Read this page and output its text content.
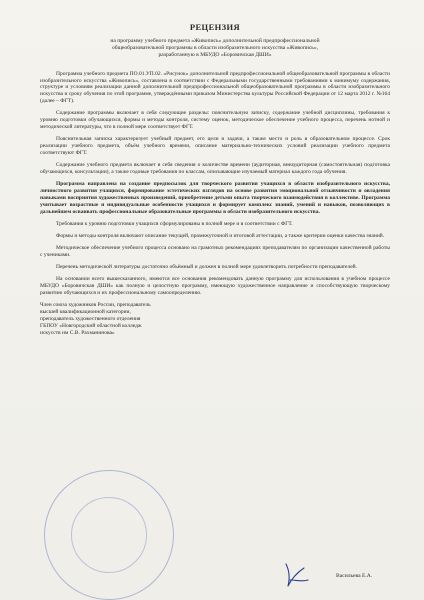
РЕЦЕНЗИЯ
на программу учебного предмета «Живопись» дополнительной предпрофессиональной
общеобразовательной программы в области изобразительного искусства «Живопись»,
разработанную в МБУДО «Боровичская ДШИ»

Программа учебного предмета ПО.01.УП.02. «Рисунок» дополнительной предпрофессиональной общеобразовательной программы в области изобразительного искусства «Живопись», составлена в соответствии с Федеральными государственными требованиями к минимуму содержания, структуре и условиям реализации данной дополнительной предпрофессиональной общеобразовательной программы в области изобразительного искусства и сроку обучения по этой программе, утверждёнными приказом Министерства культуры Российской Федерации от 12 марта 2012 г. №164 (далее – ФГТ).

Содержание программы включает в себя следующие разделы: пояснительную записку, содержание учебной дисциплины, требования к уровню подготовки обучающихся, формы и методы контроля, систему оценок, методическое обеспечение учебного процесса, перечень нотной и методической литературы, что в полной мере соответствует ФГТ.

Пояснительная записка характеризует учебный предмет, его цели и задачи, а также место и роль в образовательном процессе. Срок реализации учебного предмета, объём учебного времени, описание материально-технических условий реализации учебного предмета соответствуют ФГТ.

Содержание учебного предмета включает в себя сведения о количестве времени (аудиторная, внеаудиторная (самостоятельная) подготовка обучающихся, консультации), а также годовые требования по классам, описывающие изучаемый материал каждого года обучения.

Программа направлена на создание предпосылок для творческого развития учащихся в области изобразительного искусства, личностного развития учащихся, формирование эстетических взглядов на основе развития эмоциональной отзывчивости и овладения навыками восприятия художественных произведений, приобретение детьми опыта творческого взаимодействия в коллективе. Программа учитывает возрастные и индивидуальные особенности учащихся и формирует комплекс знаний, умений и навыков, позволяющих в дальнейшем осваивать профессиональные образовательные программы в области изобразительного искусства.

Требования к уровню подготовки учащихся сформулированы в полной мере и в соответствии с ФГТ.

Формы и методы контроля включают описание текущей, промежуточной и итоговой аттестации, а также критерии оценки качества знаний.

Методическое обеспечение учебного процесса основано на грамотных рекомендациях преподавателям по организации качественной работы с учениками.

Перечень методической литературы достаточно объёмный и должен в полной мере удовлетворить потребности преподавателей.

На основании всего вышесказанного, имеются все основания рекомендовать данную программу для использования в учебном процессе МБУДО «Боровичская ДШИ» как полную и целостную программу, имеющую художественное направление и способствующую творческому развитию обучающихся и их профессиональному самоопределению.

Член союза художников России, преподаватель
высшей квалификационной категории,
преподаватель художественного отделения
ГБПОУ «Новгородский областной колледж
искусств им С.В. Рахманинова»
Васильева Е.А.
